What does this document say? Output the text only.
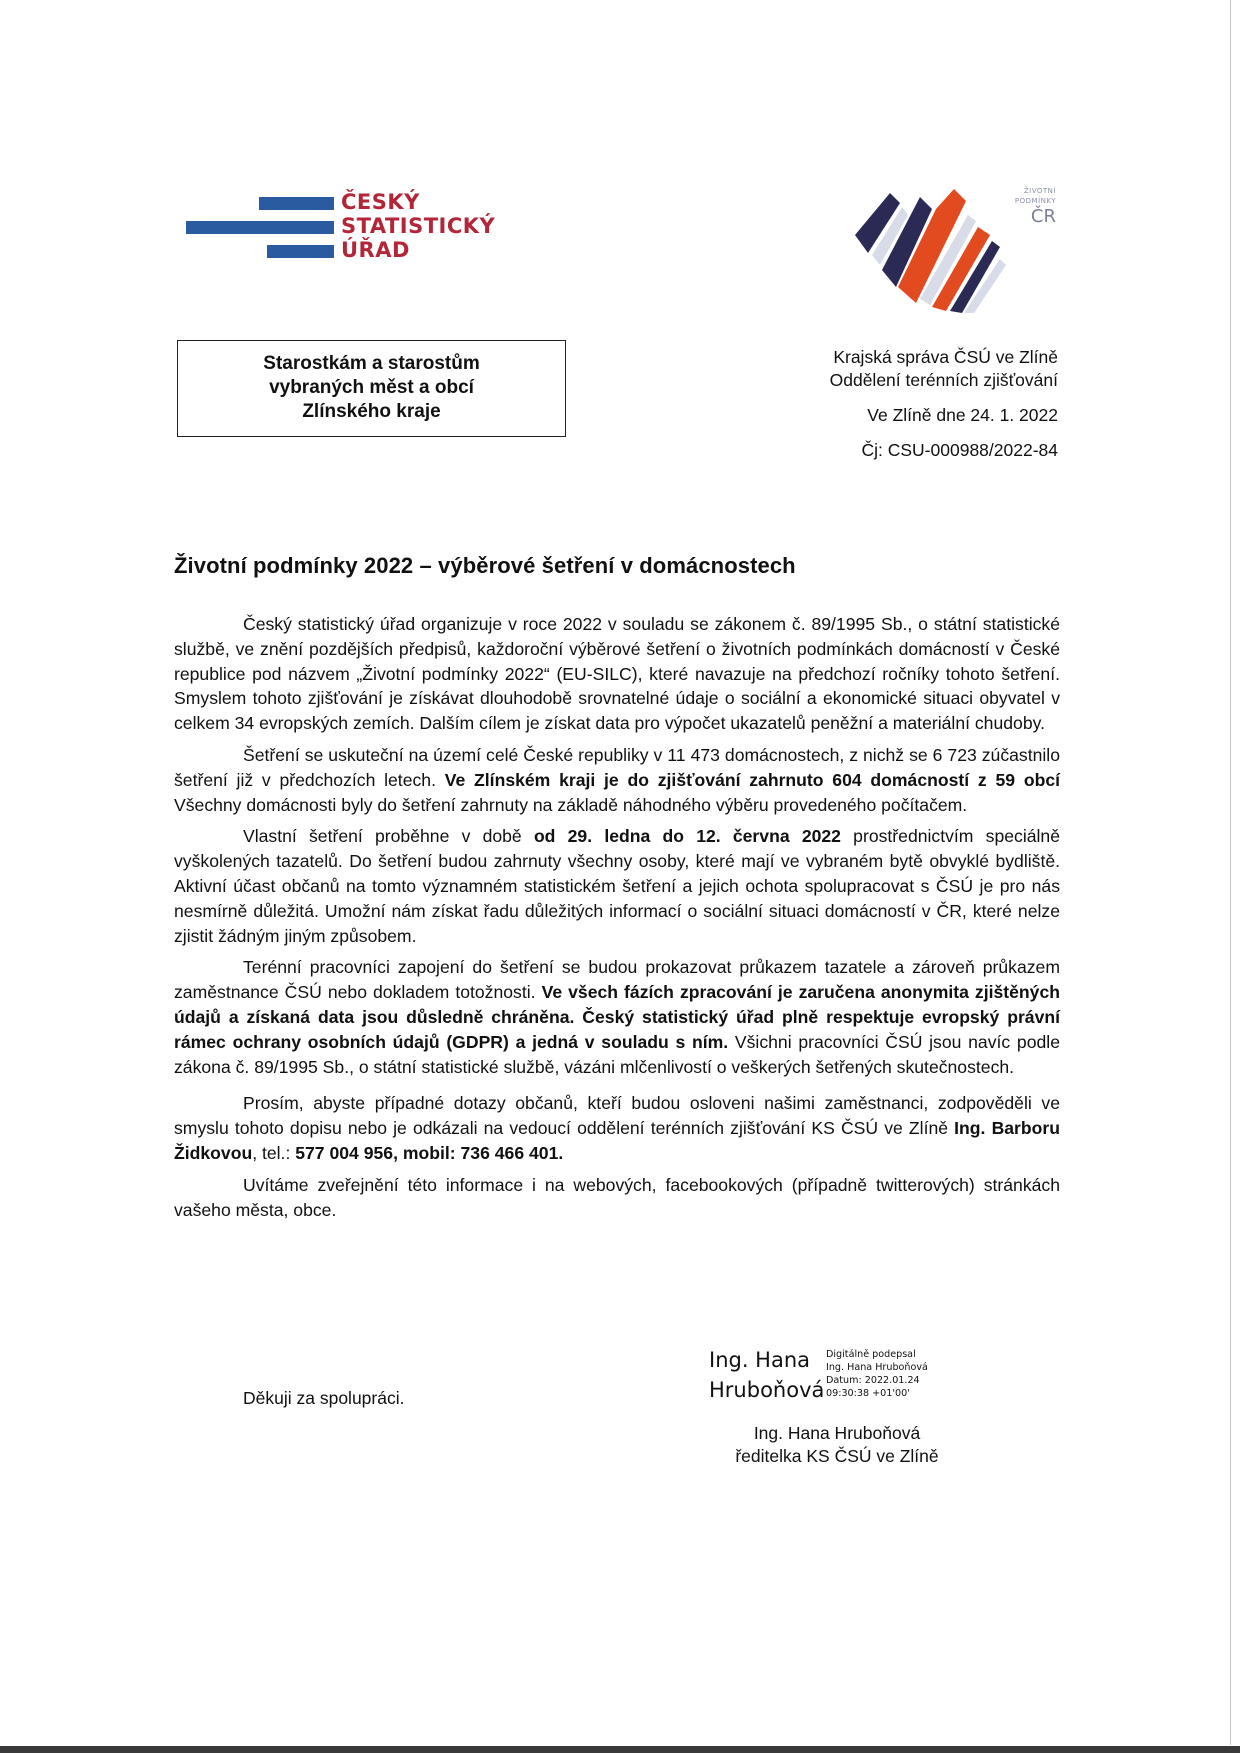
ČESKÝ
STATISTICKÝ
ÚŘAD
ŽIVOTNÍ
PODMÍNKY
ČR
Starostkám a starostům
vybraných měst a obcí
Zlínského kraje
Krajská správa ČSÚ ve Zlíně
Oddělení terénních zjišťování
Ve Zlíně dne 24. 1. 2022
Čj: CSU-000988/2022-84
Životní podmínky 2022 – výběrové šetření v domácnostech

Český statistický úřad organizuje v roce 2022 v souladu se zákonem č. 89/1995 Sb., o státní statistické službě, ve znění pozdějších předpisů, každoroční výběrové šetření o životních podmínkách domácností v České republice pod názvem „Životní podmínky 2022“ (EU-SILC), které navazuje na předchozí ročníky tohoto šetření. Smyslem tohoto zjišťování je získávat dlouhodobě srovnatelné údaje o sociální a ekonomické situaci obyvatel v celkem 34 evropských zemích. Dalším cílem je získat data pro výpočet ukazatelů peněžní a materiální chudoby.

Šetření se uskuteční na území celé České republiky v 11 473 domácnostech, z nichž se 6 723 zúčastnilo šetření již v předchozích letech. Ve Zlínském kraji je do zjišťování zahrnuto 604 domácností z 59 obcí Všechny domácnosti byly do šetření zahrnuty na základě náhodného výběru provedeného počítačem.

Vlastní šetření proběhne v době od 29. ledna do 12. června 2022 prostřednictvím speciálně vyškolených tazatelů. Do šetření budou zahrnuty všechny osoby, které mají ve vybraném bytě obvyklé bydliště. Aktivní účast občanů na tomto významném statistickém šetření a jejich ochota spolupracovat s ČSÚ je pro nás nesmírně důležitá. Umožní nám získat řadu důležitých informací o sociální situaci domácností v ČR, které nelze zjistit žádným jiným způsobem.

Terénní pracovníci zapojení do šetření se budou prokazovat průkazem tazatele a zároveň průkazem zaměstnance ČSÚ nebo dokladem totožnosti. Ve všech fázích zpracování je zaručena anonymita zjištěných údajů a získaná data jsou důsledně chráněna. Český statistický úřad plně respektuje evropský právní rámec ochrany osobních údajů (GDPR) a jedná v souladu s ním. Všichni pracovníci ČSÚ jsou navíc podle zákona č. 89/1995 Sb., o státní statistické službě, vázáni mlčenlivostí o veškerých šetřených skutečnostech.

Prosím, abyste případné dotazy občanů, kteří budou osloveni našimi zaměstnanci, zodpověděli ve smyslu tohoto dopisu nebo je odkázali na vedoucí oddělení terénních zjišťování KS ČSÚ ve Zlíně Ing. Barboru Židkovou, tel.: 577 004 956, mobil: 736 466 401.

Uvítáme zveřejnění této informace i na webových, facebookových (případně twitterových) stránkách vašeho města, obce.

Děkuji za spolupráci.
Ing. Hana
Hruboňová
Digitálně podepsal
Ing. Hana Hruboňová
Datum: 2022.01.24
09:30:38 +01'00'
Ing. Hana Hruboňová
ředitelka KS ČSÚ ve Zlíně
